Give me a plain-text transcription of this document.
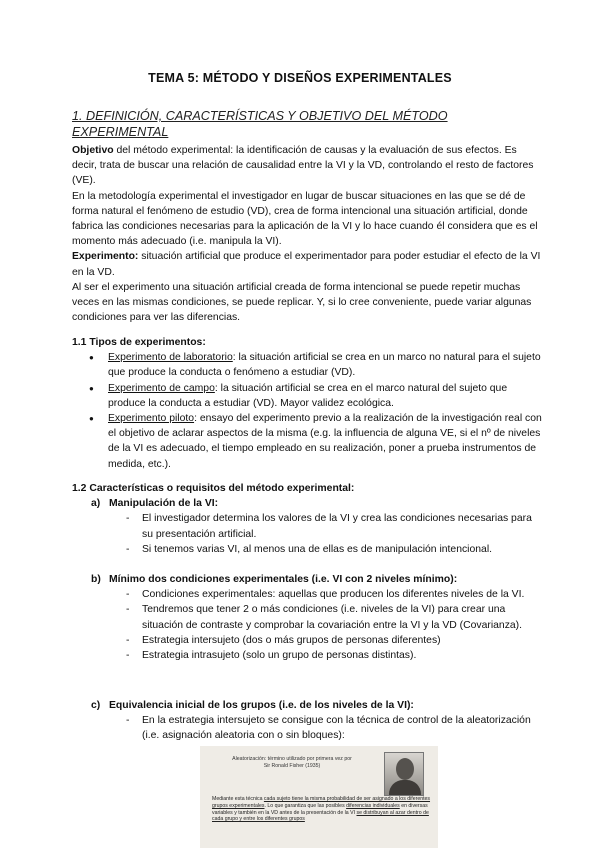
TEMA 5: MÉTODO Y DISEÑOS EXPERIMENTALES
1. DEFINICIÓN, CARACTERÍSTICAS Y OBJETIVO DEL MÉTODO EXPERIMENTAL
Objetivo del método experimental: la identificación de causas y la evaluación de sus efectos. Es decir, trata de buscar una relación de causalidad entre la VI y la VD, controlando el resto de factores (VE).
En la metodología experimental el investigador en lugar de buscar situaciones en las que se dé de forma natural el fenómeno de estudio (VD), crea de forma intencional una situación artificial, donde fabrica las condiciones necesarias para la aplicación de la VI y lo hace cuando él considera que es el momento más adecuado (i.e. manipula la VI).
Experimento: situación artificial que produce el experimentador para poder estudiar el efecto de la VI en la VD.
Al ser el experimento una situación artificial creada de forma intencional se puede repetir muchas veces en las mismas condiciones, se puede replicar. Y, si lo cree conveniente, puede variar algunas condiciones para ver las diferencias.
1.1 Tipos de experimentos:
● Experimento de laboratorio: la situación artificial se crea en un marco no natural para el sujeto que produce la conducta o fenómeno a estudiar (VD).
● Experimento de campo: la situación artificial se crea en el marco natural del sujeto que produce la conducta a estudiar (VD). Mayor validez ecológica.
● Experimento piloto: ensayo del experimento previo a la realización de la investigación real con el objetivo de aclarar aspectos de la misma (e.g. la influencia de alguna VE, si el nº de niveles de la VI es adecuado, el tiempo empleado en su realización, poner a prueba instrumentos de medida, etc.).
1.2 Características o requisitos del método experimental:
a) Manipulación de la VI:
- El investigador determina los valores de la VI y crea las condiciones necesarias para su presentación artificial.
- Si tenemos varias VI, al menos una de ellas es de manipulación intencional.
b) Mínimo dos condiciones experimentales (i.e. VI con 2 niveles mínimo):
- Condiciones experimentales: aquellas que producen los diferentes niveles de la VI.
- Tendremos que tener 2 o más condiciones (i.e. niveles de la VI) para crear una situación de contraste y comprobar la covariación entre la VI y la VD (Covarianza).
- Estrategia intersujeto (dos o más grupos de personas diferentes)
- Estrategia intrasujeto (solo un grupo de personas distintas).
c) Equivalencia inicial de los grupos (i.e. de los niveles de la VI):
- En la estrategia intersujeto se consigue con la técnica de control de la aleatorización (i.e. asignación aleatoria con o sin bloques):
Aleatorización: término utilizado por primera vez por
Sir Ronald Fisher (1935)
Mediante esta técnica cada sujeto tiene la misma probabilidad de ser asignado a los diferentes grupos experimentales. Lo que garantiza que las posibles diferencias individuales en diversas variables y también en la VD antes de la presentación de la VI se distribuyan al azar dentro de cada grupo y entre los diferentes grupos
